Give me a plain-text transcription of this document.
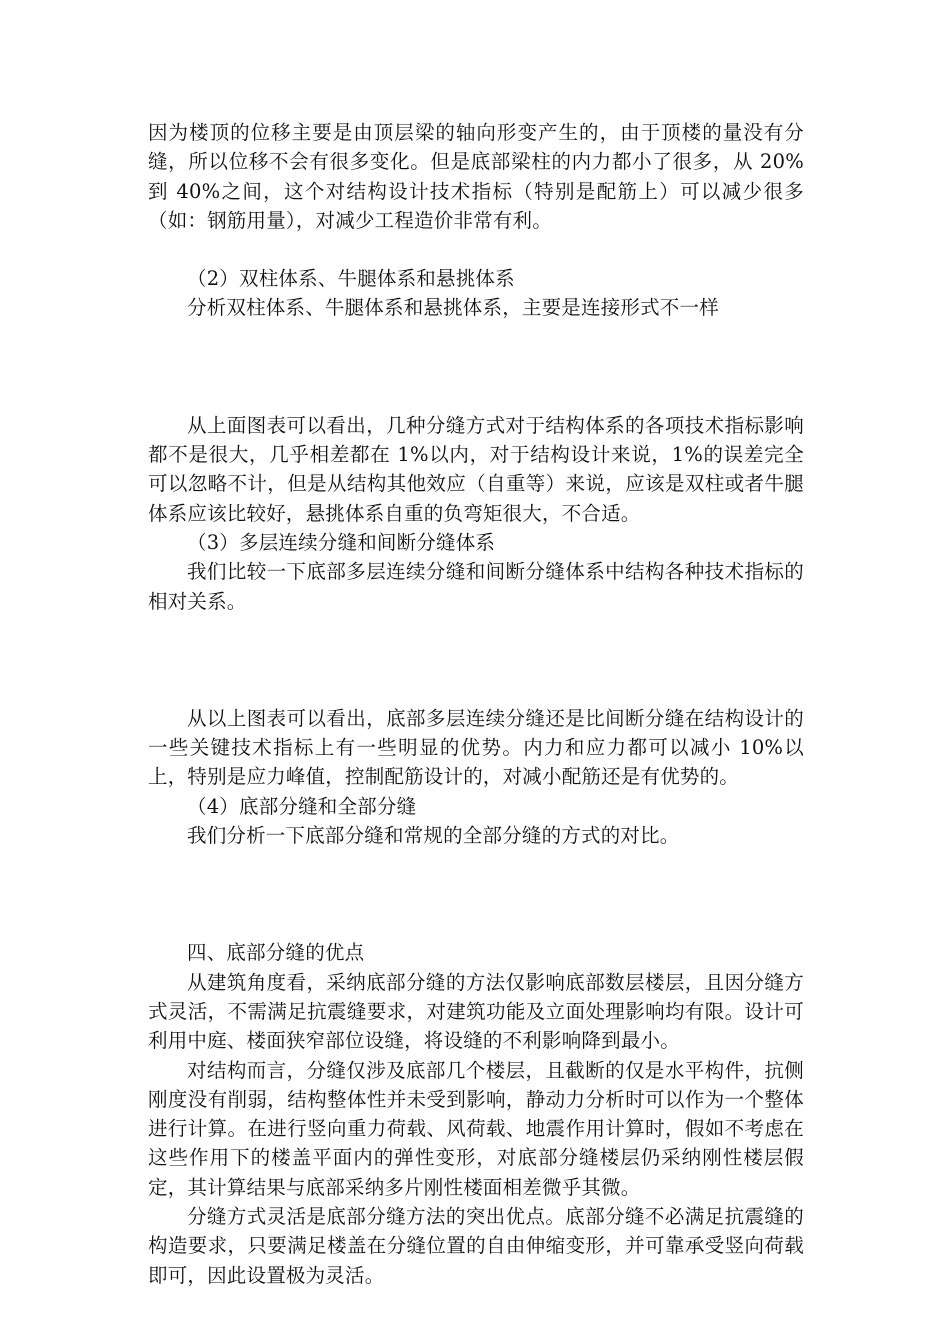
因为楼顶的位移主要是由顶层梁的轴向形变产生的，由于顶楼的量没有分缝，所以位移不会有很多变化。但是底部梁柱的内力都小了很多，从 20%到 40%之间，这个对结构设计技术指标（特别是配筋上）可以减少很多（如：钢筋用量），对减少工程造价非常有利。

（2）双柱体系、牛腿体系和悬挑体系

分析双柱体系、牛腿体系和悬挑体系，主要是连接形式不一样

从上面图表可以看出，几种分缝方式对于结构体系的各项技术指标影响都不是很大，几乎相差都在 1%以内，对于结构设计来说，1%的误差完全可以忽略不计，但是从结构其他效应（自重等）来说，应该是双柱或者牛腿体系应该比较好，悬挑体系自重的负弯矩很大，不合适。

（3）多层连续分缝和间断分缝体系

我们比较一下底部多层连续分缝和间断分缝体系中结构各种技术指标的相对关系。

从以上图表可以看出，底部多层连续分缝还是比间断分缝在结构设计的一些关键技术指标上有一些明显的优势。内力和应力都可以减小 10%以上，特别是应力峰值，控制配筋设计的，对减小配筋还是有优势的。

（4）底部分缝和全部分缝

我们分析一下底部分缝和常规的全部分缝的方式的对比。

四、底部分缝的优点

从建筑角度看，采纳底部分缝的方法仅影响底部数层楼层，且因分缝方式灵活，不需满足抗震缝要求，对建筑功能及立面处理影响均有限。设计可利用中庭、楼面狭窄部位设缝，将设缝的不利影响降到最小。

对结构而言，分缝仅涉及底部几个楼层，且截断的仅是水平构件，抗侧刚度没有削弱，结构整体性并未受到影响，静动力分析时可以作为一个整体进行计算。在进行竖向重力荷载、风荷载、地震作用计算时，假如不考虑在这些作用下的楼盖平面内的弹性变形，对底部分缝楼层仍采纳刚性楼层假定，其计算结果与底部采纳多片刚性楼面相差微乎其微。

分缝方式灵活是底部分缝方法的突出优点。底部分缝不必满足抗震缝的构造要求，只要满足楼盖在分缝位置的自由伸缩变形，并可靠承受竖向荷载即可，因此设置极为灵活。
